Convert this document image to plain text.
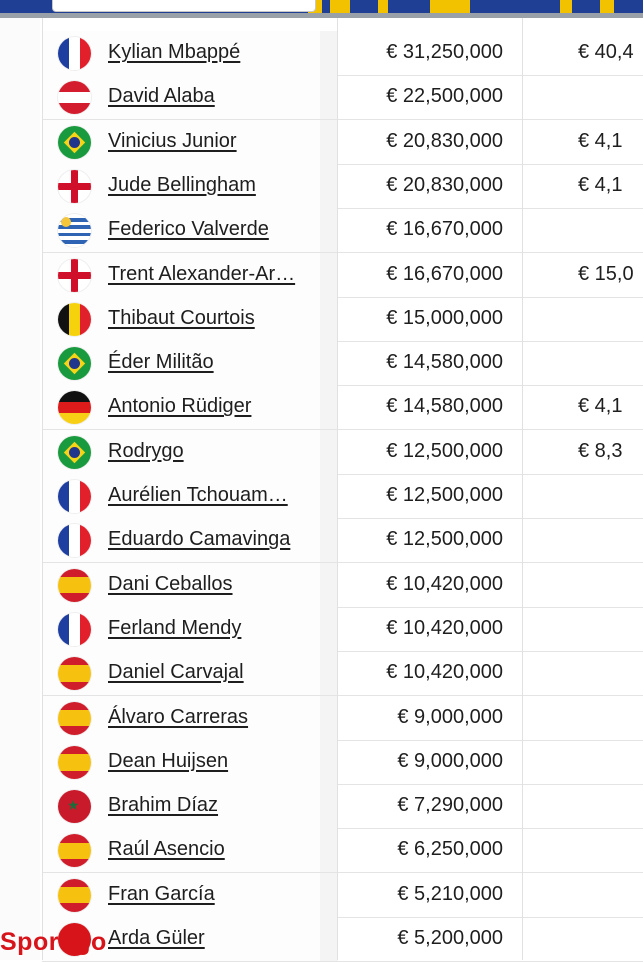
Kylian Mbappé	€ 31,250,000	€ 40,4
David Alaba	€ 22,500,000
Vinicius Junior	€ 20,830,000	€ 4,1
Jude Bellingham	€ 20,830,000	€ 4,1
Federico Valverde	€ 16,670,000
Trent Alexander-Ar…	€ 16,670,000	€ 15,0
Thibaut Courtois	€ 15,000,000
Éder Militão	€ 14,580,000
Antonio Rüdiger	€ 14,580,000	€ 4,1
Rodrygo	€ 12,500,000	€ 8,3
Aurélien Tchouam…	€ 12,500,000
Eduardo Camavinga	€ 12,500,000
Dani Ceballos	€ 10,420,000
Ferland Mendy	€ 10,420,000
Daniel Carvajal	€ 10,420,000
Álvaro Carreras	€ 9,000,000
Dean Huijsen	€ 9,000,000
★ Brahim Díaz	€ 7,290,000
Raúl Asencio	€ 6,250,000
Fran García	€ 5,210,000
Arda Güler	€ 5,200,000
Sportigo
